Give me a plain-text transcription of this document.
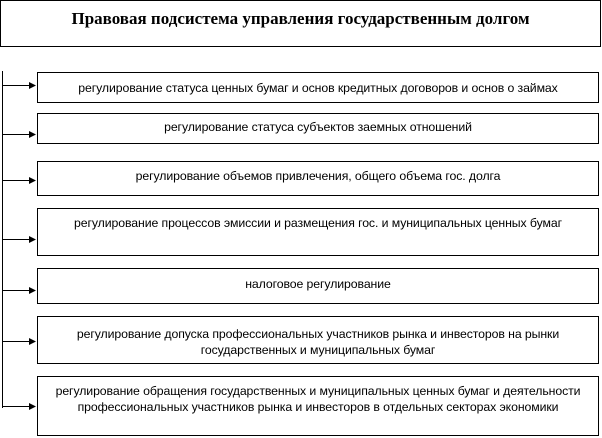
Правовая подсистема управления государственным долгом
регулирование статуса ценных бумаг и основ кредитных договоров и основ о займах
регулирование статуса субъектов заемных отношений
регулирование объемов привлечения, общего объема гос. долга
регулирование процессов эмиссии и размещения гос. и муниципальных ценных бумаг
налоговое регулирование
регулирование допуска профессиональных участников рынка и инвесторов на рынки государственных и муниципальных бумаг
регулирование обращения государственных и муниципальных ценных бумаг и деятельности профессиональных участников рынка и инвесторов в отдельных секторах экономики
